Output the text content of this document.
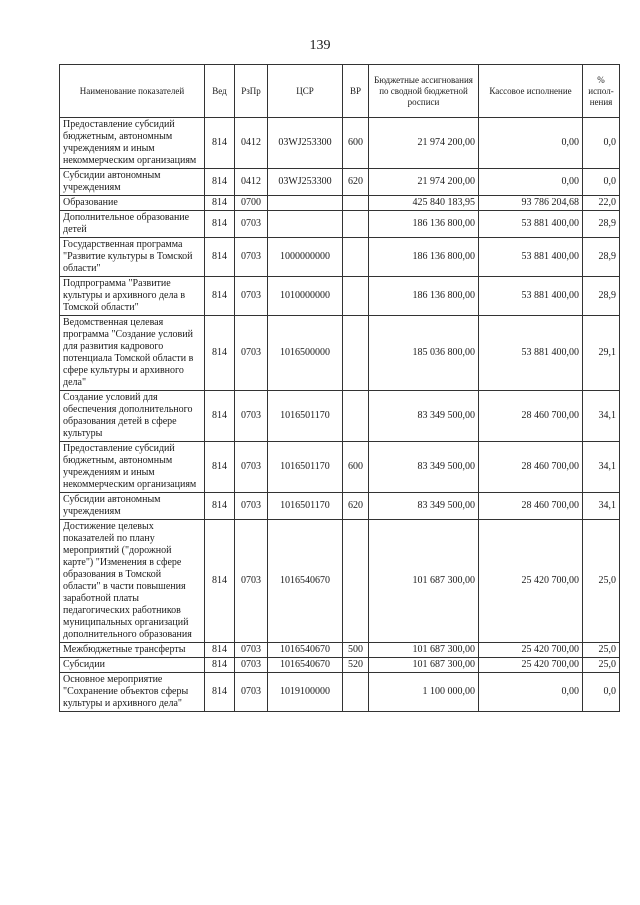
139
Наименование показателей	Вед	РзПр	ЦСР	ВР	Бюджетные ассигнования по сводной бюджетной росписи	Кассовое исполнение	% испол-нения
Предоставление субсидий бюджетным, автономным учреждениям и иным некоммерческим организациям	814	0412	03WJ253300	600	21 974 200,00	0,00	0,0
Субсидии автономным учреждениям	814	0412	03WJ253300	620	21 974 200,00	0,00	0,0
Образование	814	0700			425 840 183,95	93 786 204,68	22,0
Дополнительное образование детей	814	0703			186 136 800,00	53 881 400,00	28,9
Государственная программа "Развитие культуры в Томской области"	814	0703	1000000000		186 136 800,00	53 881 400,00	28,9
Подпрограмма "Развитие культуры и архивного дела в Томской области"	814	0703	1010000000		186 136 800,00	53 881 400,00	28,9
Ведомственная целевая программа "Создание условий для развития кадрового потенциала Томской области в сфере культуры и архивного дела"	814	0703	1016500000		185 036 800,00	53 881 400,00	29,1
Создание условий для обеспечения дополнительного образования детей в сфере культуры	814	0703	1016501170		83 349 500,00	28 460 700,00	34,1
Предоставление субсидий бюджетным, автономным учреждениям и иным некоммерческим организациям	814	0703	1016501170	600	83 349 500,00	28 460 700,00	34,1
Субсидии автономным учреждениям	814	0703	1016501170	620	83 349 500,00	28 460 700,00	34,1
Достижение целевых показателей по плану мероприятий ("дорожной карте") "Изменения в сфере образования в Томской области" в части повышения заработной платы педагогических работников муниципальных организаций дополнительного образования	814	0703	1016540670		101 687 300,00	25 420 700,00	25,0
Межбюджетные трансферты	814	0703	1016540670	500	101 687 300,00	25 420 700,00	25,0
Субсидии	814	0703	1016540670	520	101 687 300,00	25 420 700,00	25,0
Основное мероприятие "Сохранение объектов сферы культуры и архивного дела"	814	0703	1019100000		1 100 000,00	0,00	0,0
